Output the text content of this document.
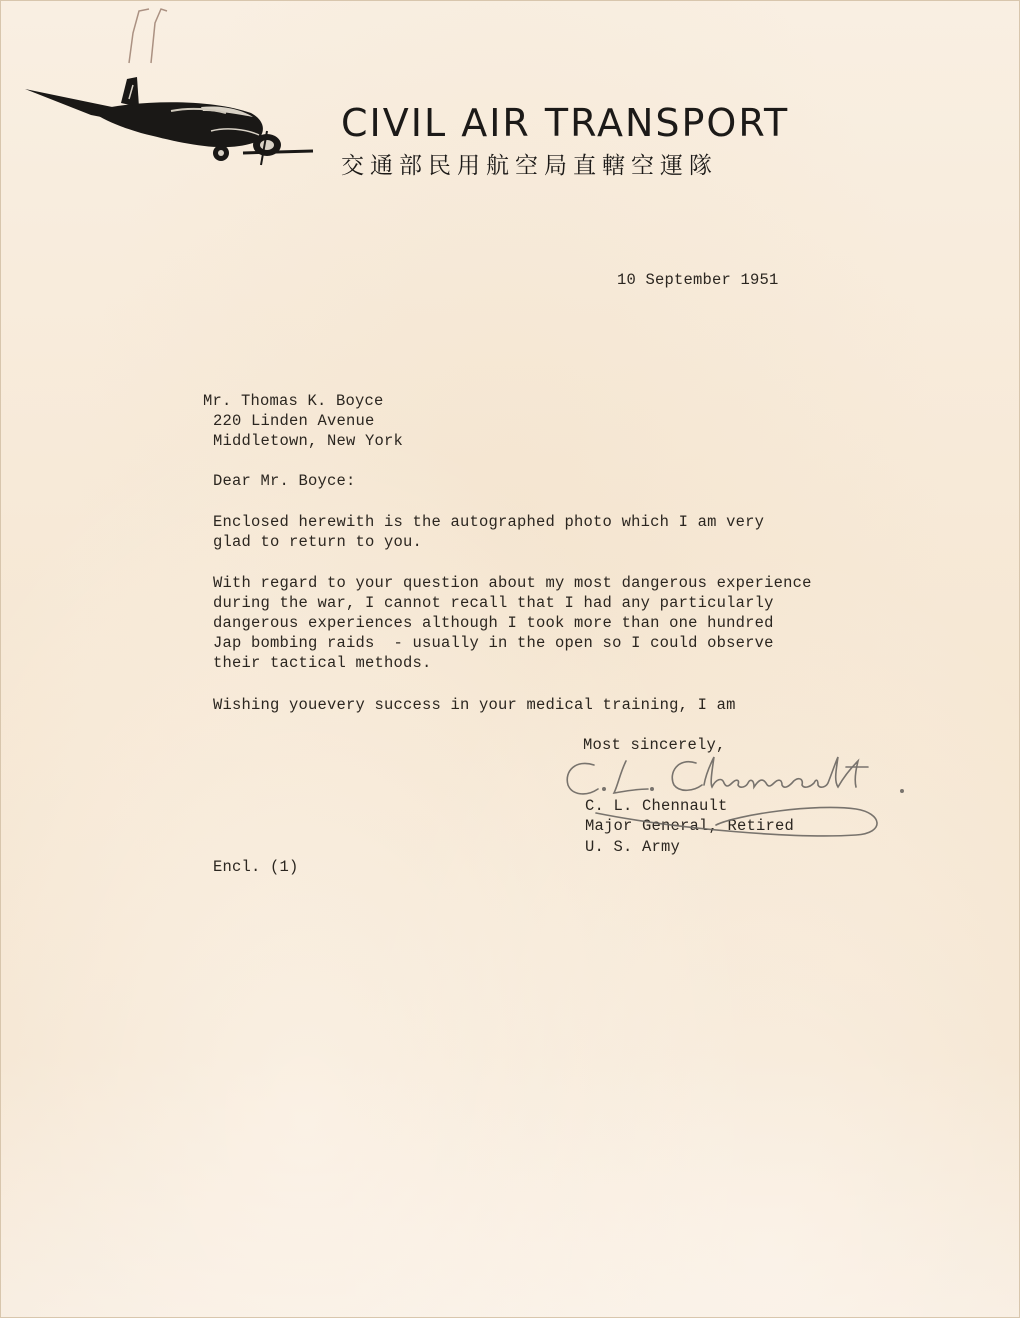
CIVIL AIR TRANSPORT
交通部民用航空局直轄空運隊
10 September 1951
Mr. Thomas K. Boyce
220 Linden Avenue
Middletown, New York
Dear Mr. Boyce:
Enclosed herewith is the autographed photo which I am very
glad to return to you.
With regard to your question about my most dangerous experience
during the war, I cannot recall that I had any particularly
dangerous experiences although I took more than one hundred
Jap bombing raids  - usually in the open so I could observe
their tactical methods.
Wishing youevery success in your medical training, I am
Most sincerely,
C. L. Chennault
Major General, Retired
U. S. Army
Encl. (1)
